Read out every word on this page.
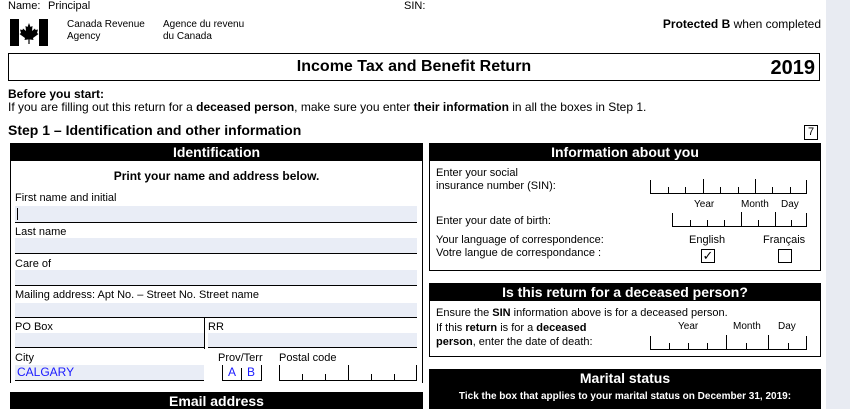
Name: Principal	SIN:
Canada Revenue
Agency
Agence du revenu
du Canada
Protected B when completed
Income Tax and Benefit Return	2019
Before you start:
If you are filling out this return for a deceased person, make sure you enter their information in all the boxes in Step 1.
Step 1 – Identification and other information	7
Identification
Print your name and address below.
First name and initial
Last name
Care of
Mailing address: Apt No. – Street No. Street name
PO Box	RR
City
CALGARY
Prov/Terr
A B
Postal code
Email address
Information about you
Enter your social
insurance number (SIN):
Year	Month Day
Enter your date of birth:
Your language of correspondence:
Votre langue de correspondance :
English	Français
✓
Is this return for a deceased person?
Ensure the SIN information above is for a deceased person.
If this return is for a deceased
person, enter the date of death:
Year	Month Day
Marital status
Tick the box that applies to your marital status on December 31, 2019:
